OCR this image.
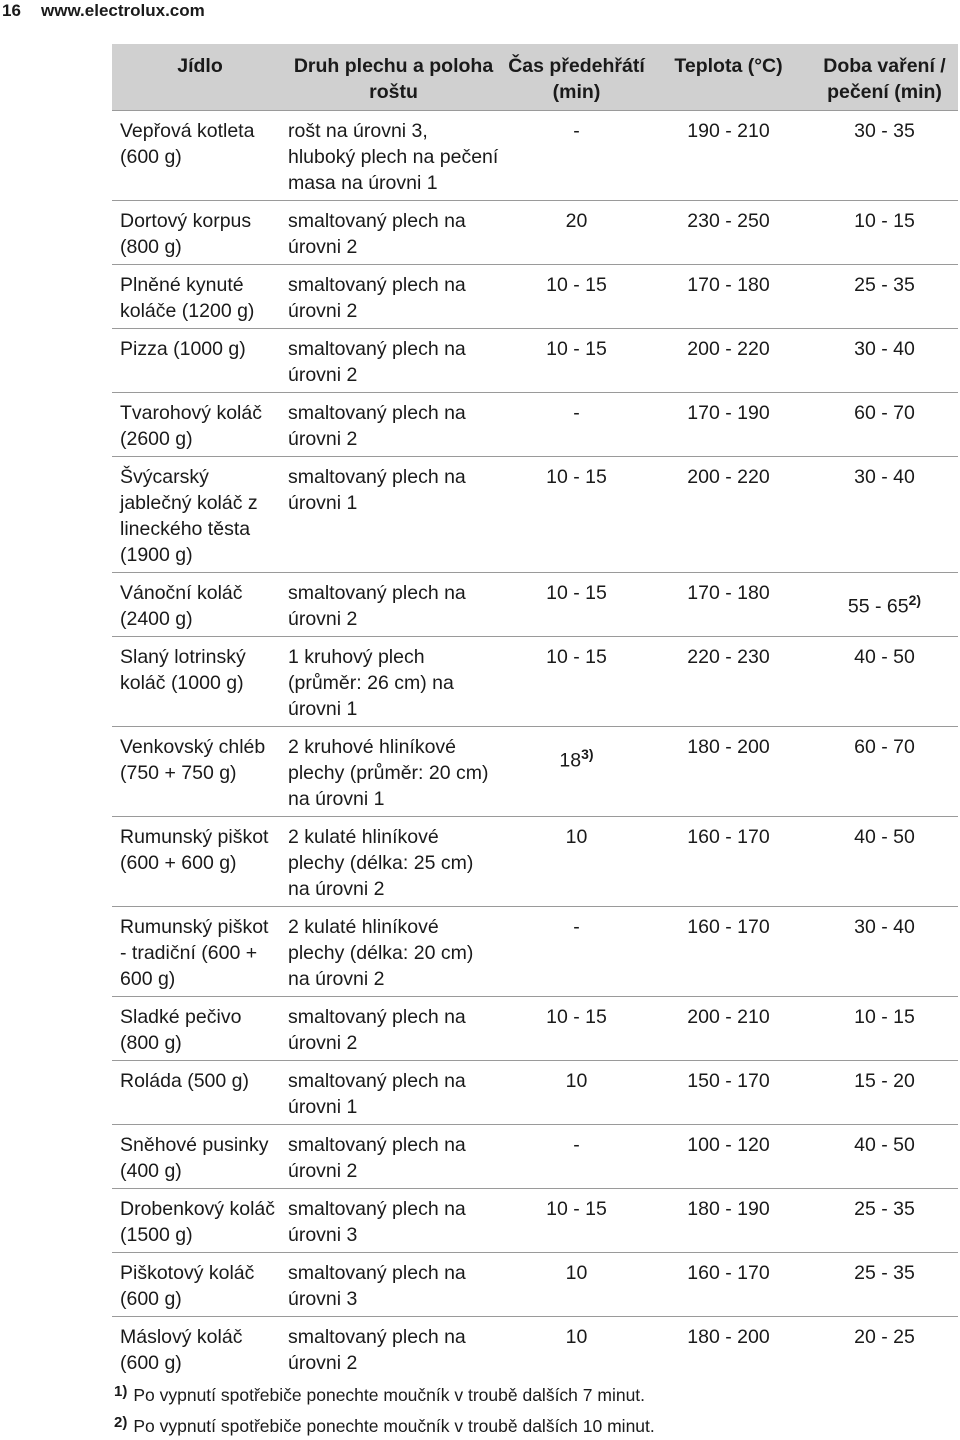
16 www.electrolux.com
Jídlo	Druh plechu a poloha roštu	Čas předehřátí (min)	Teplota (°C)	Doba vaření / pečení (min)
Vepřová kotleta (600 g)	rošt na úrovni 3, hluboký plech na pečení masa na úrovni 1	-	190 - 210	30 - 35
Dortový korpus (800 g)	smaltovaný plech na úrovni 2	20	230 - 250	10 - 15
Plněné kynuté koláče (1200 g)	smaltovaný plech na úrovni 2	10 - 15	170 - 180	25 - 35
Pizza (1000 g)	smaltovaný plech na úrovni 2	10 - 15	200 - 220	30 - 40
Tvarohový koláč (2600 g)	smaltovaný plech na úrovni 2	-	170 - 190	60 - 70
Švýcarský jablečný koláč z lineckého těsta (1900 g)	smaltovaný plech na úrovni 1	10 - 15	200 - 220	30 - 40
Vánoční koláč (2400 g)	smaltovaný plech na úrovni 2	10 - 15	170 - 180	55 - 65$^{2)}$
Slaný lotrinský koláč (1000 g)	1 kruhový plech (průměr: 26 cm) na úrovni 1	10 - 15	220 - 230	40 - 50
Venkovský chléb (750 + 750 g)	2 kruhové hliníkové plechy (průměr: 20 cm) na úrovni 1	18$^{3)}$	180 - 200	60 - 70
Rumunský piškot (600 + 600 g)	2 kulaté hliníkové plechy (délka: 25 cm) na úrovni 2	10	160 - 170	40 - 50
Rumunský piškot - tradiční (600 + 600 g)	2 kulaté hliníkové plechy (délka: 20 cm) na úrovni 2	-	160 - 170	30 - 40
Sladké pečivo (800 g)	smaltovaný plech na úrovni 2	10 - 15	200 - 210	10 - 15
Roláda (500 g)	smaltovaný plech na úrovni 1	10	150 - 170	15 - 20
Sněhové pusinky (400 g)	smaltovaný plech na úrovni 2	-	100 - 120	40 - 50
Drobenkový koláč (1500 g)	smaltovaný plech na úrovni 3	10 - 15	180 - 190	25 - 35
Piškotový koláč (600 g)	smaltovaný plech na úrovni 3	10	160 - 170	25 - 35
Máslový koláč (600 g)	smaltovaný plech na úrovni 2	10	180 - 200	20 - 25
1) Po vypnutí spotřebiče ponechte moučník v troubě dalších 7 minut.
2) Po vypnutí spotřebiče ponechte moučník v troubě dalších 10 minut.
